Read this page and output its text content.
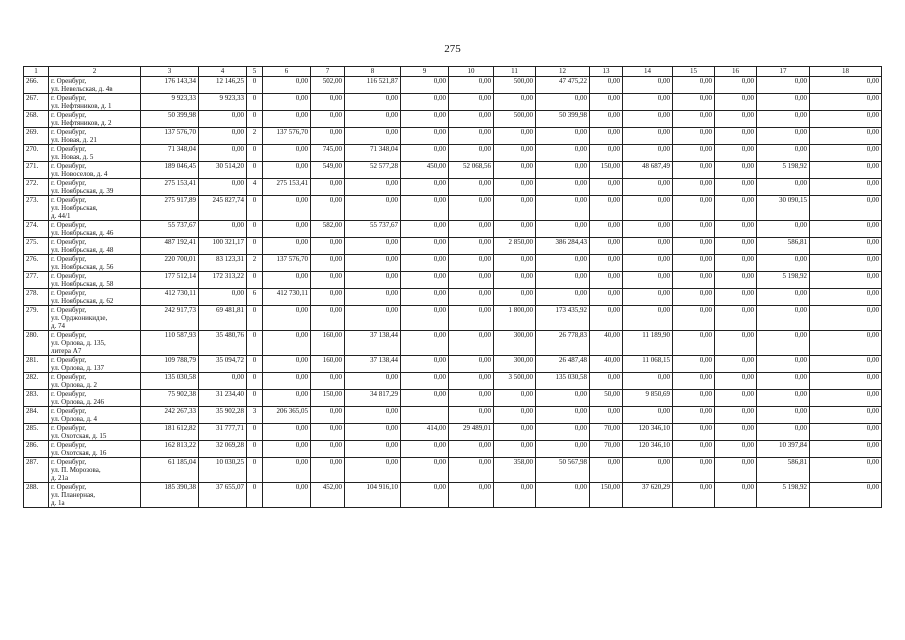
275
1	2	3	4	5	6	7	8	9	10	11	12	13	14	15	16	17	18
266.	г. Оренбург,
ул. Невельская, д. 4в	176 143,34	12 146,25	0	0,00	502,00	116 521,87	0,00	0,00	500,00	47 475,22	0,00	0,00	0,00	0,00	0,00	0,00
267.	г. Оренбург,
ул. Нефтяников, д. 1	9 923,33	9 923,33	0	0,00	0,00	0,00	0,00	0,00	0,00	0,00	0,00	0,00	0,00	0,00	0,00	0,00
268.	г. Оренбург,
ул. Нефтяников, д. 2	50 399,98	0,00	0	0,00	0,00	0,00	0,00	0,00	500,00	50 399,98	0,00	0,00	0,00	0,00	0,00	0,00
269.	г. Оренбург,
ул. Новая, д. 21	137 576,70	0,00	2	137 576,70	0,00	0,00	0,00	0,00	0,00	0,00	0,00	0,00	0,00	0,00	0,00	0,00
270.	г. Оренбург,
ул. Новая, д. 5	71 348,04	0,00	0	0,00	745,00	71 348,04	0,00	0,00	0,00	0,00	0,00	0,00	0,00	0,00	0,00	0,00
271.	г. Оренбург,
ул. Новоселов, д. 4	189 046,45	30 514,20	0	0,00	549,00	52 577,28	450,00	52 068,56	0,00	0,00	150,00	48 687,49	0,00	0,00	5 198,92	0,00
272.	г. Оренбург,
ул. Ноябрьская, д. 39	275 153,41	0,00	4	275 153,41	0,00	0,00	0,00	0,00	0,00	0,00	0,00	0,00	0,00	0,00	0,00	0,00
273.	г. Оренбург,
ул. Ноябрьская,
д. 44/1	275 917,89	245 827,74	0	0,00	0,00	0,00	0,00	0,00	0,00	0,00	0,00	0,00	0,00	0,00	30 090,15	0,00
274.	г. Оренбург,
ул. Ноябрьская, д. 46	55 737,67	0,00	0	0,00	582,00	55 737,67	0,00	0,00	0,00	0,00	0,00	0,00	0,00	0,00	0,00	0,00
275.	г. Оренбург,
ул. Ноябрьская, д. 48	487 192,41	100 321,17	0	0,00	0,00	0,00	0,00	0,00	2 850,00	386 284,43	0,00	0,00	0,00	0,00	586,81	0,00
276.	г. Оренбург,
ул. Ноябрьская, д. 56	220 700,01	83 123,31	2	137 576,70	0,00	0,00	0,00	0,00	0,00	0,00	0,00	0,00	0,00	0,00	0,00	0,00
277.	г. Оренбург,
ул. Ноябрьская, д. 58	177 512,14	172 313,22	0	0,00	0,00	0,00	0,00	0,00	0,00	0,00	0,00	0,00	0,00	0,00	5 198,92	0,00
278.	г. Оренбург,
ул. Ноябрьская, д. 62	412 730,11	0,00	6	412 730,11	0,00	0,00	0,00	0,00	0,00	0,00	0,00	0,00	0,00	0,00	0,00	0,00
279.	г. Оренбург,
ул. Орджоникидзе,
д. 74	242 917,73	69 481,81	0	0,00	0,00	0,00	0,00	0,00	1 800,00	173 435,92	0,00	0,00	0,00	0,00	0,00	0,00
280.	г. Оренбург,
ул. Орлова, д. 135,
литера А7	110 587,93	35 480,76	0	0,00	160,00	37 138,44	0,00	0,00	300,00	26 778,83	40,00	11 189,90	0,00	0,00	0,00	0,00
281.	г. Оренбург,
ул. Орлова, д. 137	109 788,79	35 094,72	0	0,00	160,00	37 138,44	0,00	0,00	300,00	26 487,48	40,00	11 068,15	0,00	0,00	0,00	0,00
282.	г. Оренбург,
ул. Орлова, д. 2	135 030,58	0,00	0	0,00	0,00	0,00	0,00	0,00	3 500,00	135 030,58	0,00	0,00	0,00	0,00	0,00	0,00
283.	г. Оренбург,
ул. Орлова, д. 246	75 902,38	31 234,40	0	0,00	150,00	34 817,29	0,00	0,00	0,00	0,00	50,00	9 850,69	0,00	0,00	0,00	0,00
284.	г. Оренбург,
ул. Орлова, д. 4	242 267,33	35 902,28	3	206 365,05	0,00	0,00		0,00	0,00	0,00	0,00	0,00	0,00	0,00	0,00	0,00
285.	г. Оренбург,
ул. Охотская, д. 15	181 612,82	31 777,71	0	0,00	0,00	0,00	414,00	29 489,01	0,00	0,00	70,00	120 346,10	0,00	0,00	0,00	0,00
286.	г. Оренбург,
ул. Охотская, д. 16	162 813,22	32 069,28	0	0,00	0,00	0,00	0,00	0,00	0,00	0,00	70,00	120 346,10	0,00	0,00	10 397,84	0,00
287.	г. Оренбург,
ул. П. Морозова,
д. 21а	61 185,04	10 030,25	0	0,00	0,00	0,00	0,00	0,00	358,00	50 567,98	0,00	0,00	0,00	0,00	586,81	0,00
288.	г. Оренбург,
ул. Планерная,
д. 1а	185 390,38	37 655,07	0	0,00	452,00	104 916,10	0,00	0,00	0,00	0,00	150,00	37 620,29	0,00	0,00	5 198,92	0,00
